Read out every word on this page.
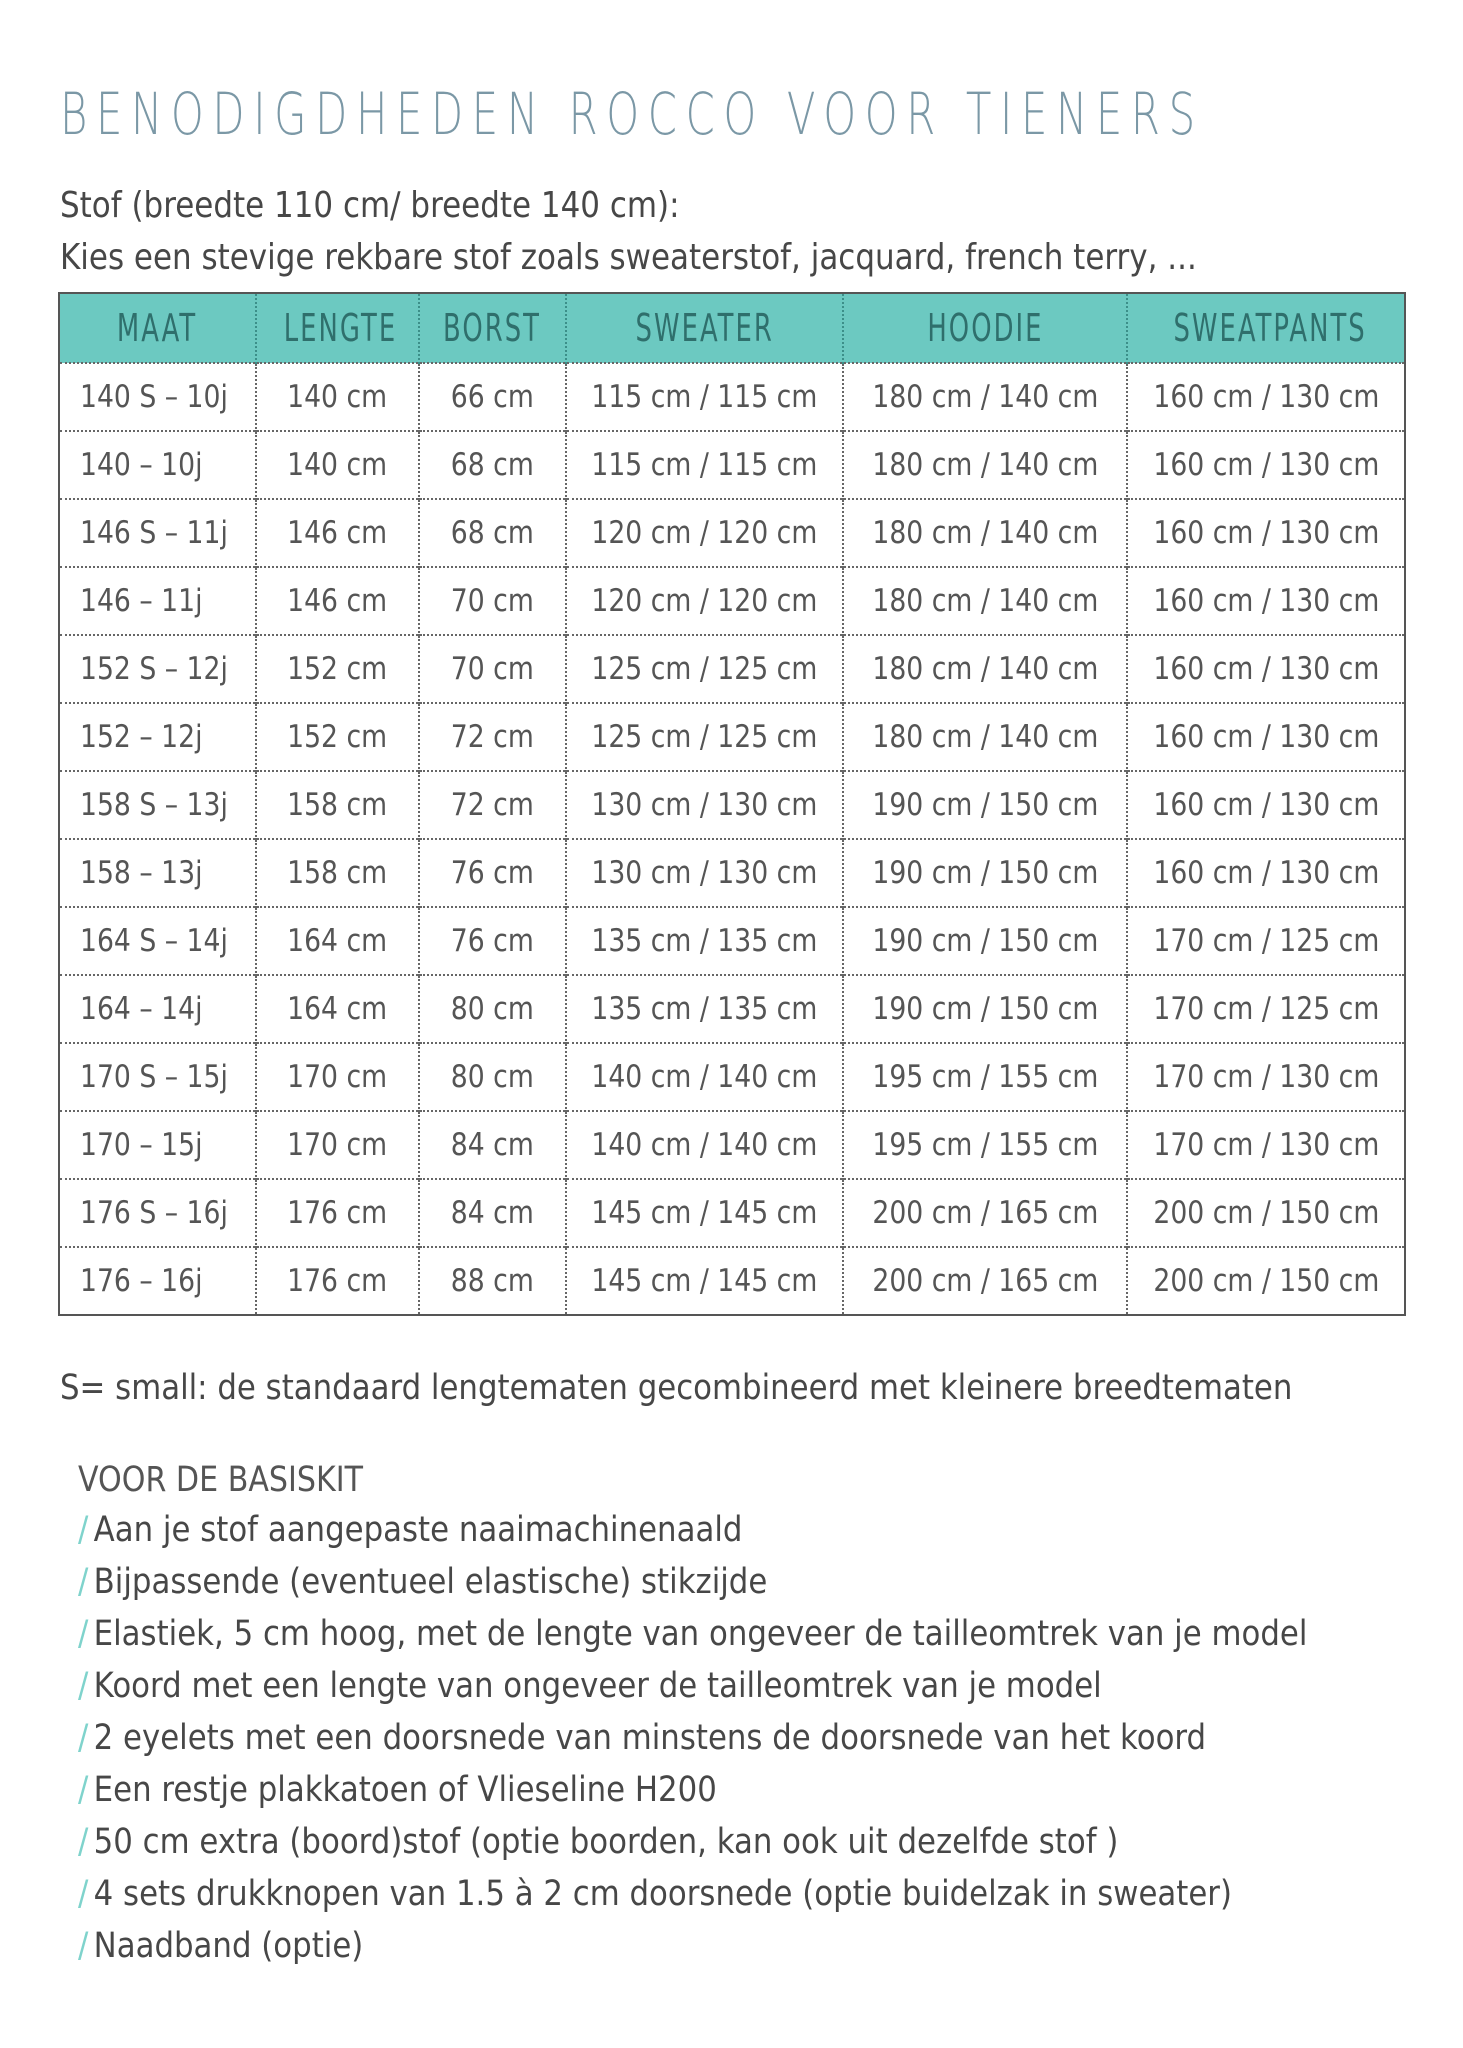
BENODIGDHEDEN ROCCO VOOR TIENERS
Stof (breedte 110 cm/ breedte 140 cm):
Kies een stevige rekbare stof zoals sweaterstof, jacquard, french terry, ...
MAAT	LENGTE	BORST	SWEATER	HOODIE	SWEATPANTS
140 S – 10j	140 cm	66 cm	115 cm / 115 cm	180 cm / 140 cm	160 cm / 130 cm
140 – 10j	140 cm	68 cm	115 cm / 115 cm	180 cm / 140 cm	160 cm / 130 cm
146 S – 11j	146 cm	68 cm	120 cm / 120 cm	180 cm / 140 cm	160 cm / 130 cm
146 – 11j	146 cm	70 cm	120 cm / 120 cm	180 cm / 140 cm	160 cm / 130 cm
152 S – 12j	152 cm	70 cm	125 cm / 125 cm	180 cm / 140 cm	160 cm / 130 cm
152 – 12j	152 cm	72 cm	125 cm / 125 cm	180 cm / 140 cm	160 cm / 130 cm
158 S – 13j	158 cm	72 cm	130 cm / 130 cm	190 cm / 150 cm	160 cm / 130 cm
158 – 13j	158 cm	76 cm	130 cm / 130 cm	190 cm / 150 cm	160 cm / 130 cm
164 S – 14j	164 cm	76 cm	135 cm / 135 cm	190 cm / 150 cm	170 cm / 125 cm
164 – 14j	164 cm	80 cm	135 cm / 135 cm	190 cm / 150 cm	170 cm / 125 cm
170 S – 15j	170 cm	80 cm	140 cm / 140 cm	195 cm / 155 cm	170 cm / 130 cm
170 – 15j	170 cm	84 cm	140 cm / 140 cm	195 cm / 155 cm	170 cm / 130 cm
176 S – 16j	176 cm	84 cm	145 cm / 145 cm	200 cm / 165 cm	200 cm / 150 cm
176 – 16j	176 cm	88 cm	145 cm / 145 cm	200 cm / 165 cm	200 cm / 150 cm
S= small: de standaard lengtematen gecombineerd met kleinere breedtematen
VOOR DE BASISKIT
/ Aan je stof aangepaste naaimachinenaald
/ Bijpassende (eventueel elastische) stikzijde
/ Elastiek, 5 cm hoog, met de lengte van ongeveer de tailleomtrek van je model
/ Koord met een lengte van ongeveer de tailleomtrek van je model
/ 2 eyelets met een doorsnede van minstens de doorsnede van het koord
/ Een restje plakkatoen of Vlieseline H200
/ 50 cm extra (boord)stof (optie boorden, kan ook uit dezelfde stof )
/ 4 sets drukknopen van 1.5 à 2 cm doorsnede (optie buidelzak in sweater)
/ Naadband (optie)
